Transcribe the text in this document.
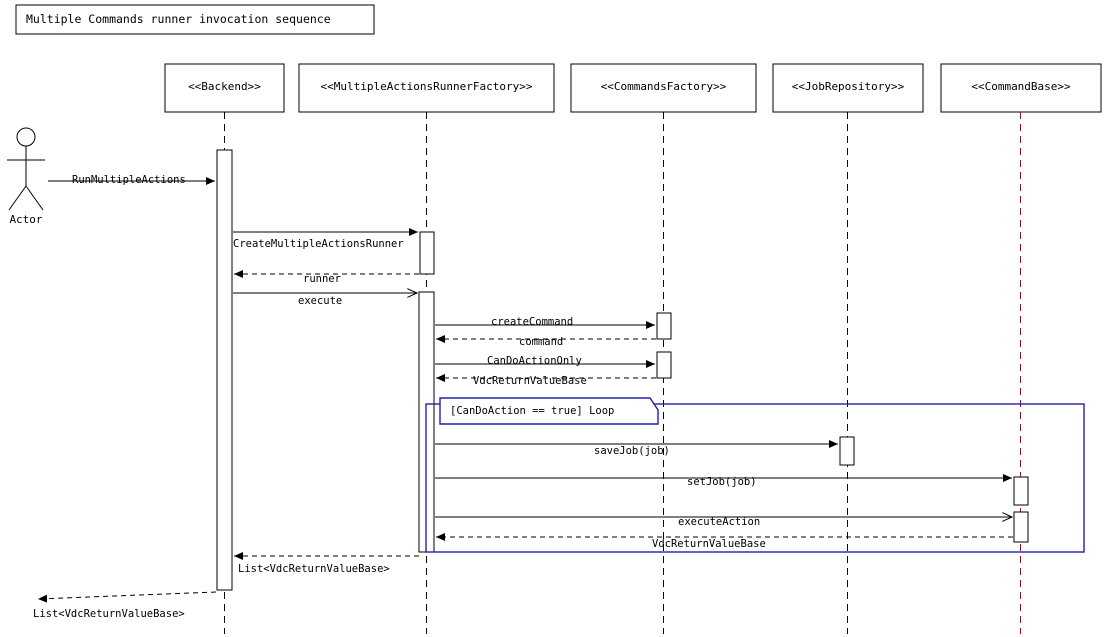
Multiple Commands runner invocation sequence
<<Backend>>	<<MultipleActionsRunnerFactory>>	<<CommandsFactory>>	<<JobRepository>>	<<CommandBase>>
Actor
RunMultipleActions
CreateMultipleActionsRunner
runner
execute
createCommand
command
CanDoActionOnly
VdcReturnValueBase
saveJob(job)
setJob(job)
executeAction
VdcReturnValueBase
List<VdcReturnValueBase>
List<VdcReturnValueBase>
[CanDoAction == true] Loop
